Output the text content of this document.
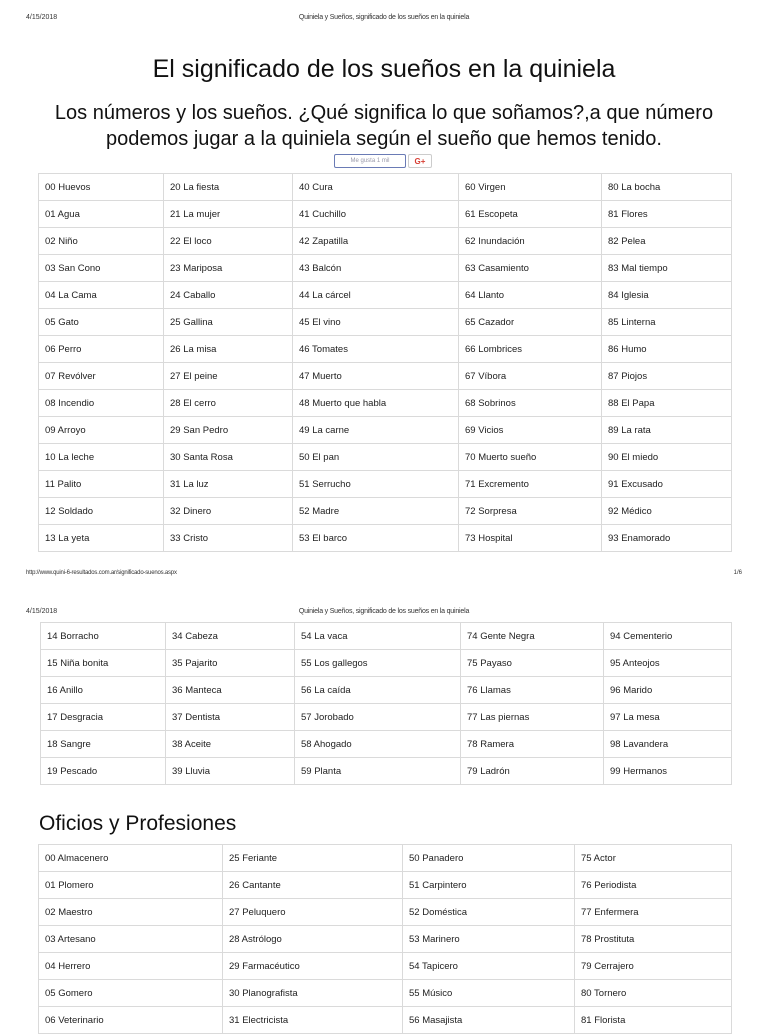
4/15/2018	Quiniela y Sueños, significado de los sueños en la quiniela
El significado de los sueños en la quiniela

Los números y los sueños. ¿Qué significa lo que soñamos?,a que número podemos jugar a la quiniela según el sueño que hemos tenido.

Me gusta 1 mil	G+
00 Huevos	20 La fiesta	40 Cura	60 Virgen	80 La bocha
01 Agua	21 La mujer	41 Cuchillo	61 Escopeta	81 Flores
02 Niño	22 El loco	42 Zapatilla	62 Inundación	82 Pelea
03 San Cono	23 Mariposa	43 Balcón	63 Casamiento	83 Mal tiempo
04 La Cama	24 Caballo	44 La cárcel	64 Llanto	84 Iglesia
05 Gato	25 Gallina	45 El vino	65 Cazador	85 Linterna
06 Perro	26 La misa	46 Tomates	66 Lombrices	86 Humo
07 Revólver	27 El peine	47 Muerto	67 Víbora	87 Piojos
08 Incendio	28 El cerro	48 Muerto que habla	68 Sobrinos	88 El Papa
09 Arroyo	29 San Pedro	49 La carne	69 Vicios	89 La rata
10 La leche	30 Santa Rosa	50 El pan	70 Muerto sueño	90 El miedo
11 Palito	31 La luz	51 Serrucho	71 Excremento	91 Excusado
12 Soldado	32 Dinero	52 Madre	72 Sorpresa	92 Médico
13 La yeta	33 Cristo	53 El barco	73 Hospital	93 Enamorado
http://www.quini-6-resultados.com.ar/significado-suenos.aspx	1/6
4/15/2018	Quiniela y Sueños, significado de los sueños en la quiniela
14 Borracho	34 Cabeza	54 La vaca	74 Gente Negra	94 Cementerio
15 Niña bonita	35 Pajarito	55 Los gallegos	75 Payaso	95 Anteojos
16 Anillo	36 Manteca	56 La caída	76 Llamas	96 Marido
17 Desgracia	37 Dentista	57 Jorobado	77 Las piernas	97 La mesa
18 Sangre	38 Aceite	58 Ahogado	78 Ramera	98 Lavandera
19 Pescado	39 Lluvia	59 Planta	79 Ladrón	99 Hermanos
Oficios y Profesiones
00 Almacenero	25 Feriante	50 Panadero	75 Actor
01 Plomero	26 Cantante	51 Carpintero	76 Periodista
02 Maestro	27 Peluquero	52 Doméstica	77 Enfermera
03 Artesano	28 Astrólogo	53 Marinero	78 Prostituta
04 Herrero	29 Farmacéutico	54 Tapicero	79 Cerrajero
05 Gomero	30 Planografista	55 Músico	80 Tornero
06 Veterinario	31 Electricista	56 Masajista	81 Florista
